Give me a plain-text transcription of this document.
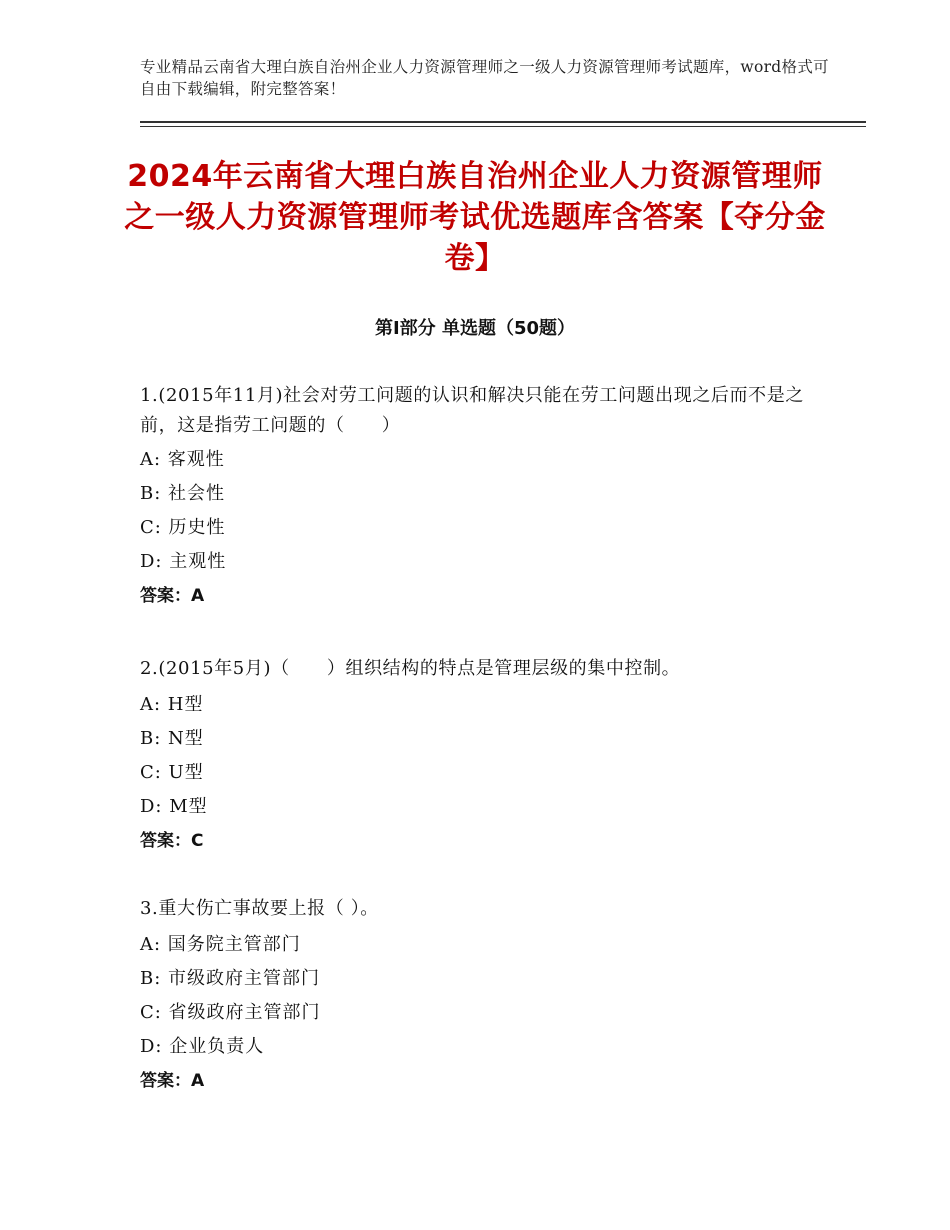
专业精品云南省大理白族自治州企业人力资源管理师之一级人力资源管理师考试题库，word格式可自由下载编辑，附完整答案！
2024年云南省大理白族自治州企业人力资源管理师之一级人力资源管理师考试优选题库含答案【夺分金卷】
第Ⅰ部分 单选题（50题）

1.(2015年11月)社会对劳工问题的认识和解决只能在劳工问题出现之后而不是之前，这是指劳工问题的（　　）

A: 客观性

B: 社会性

C: 历史性

D: 主观性

答案：A

2.(2015年5月)（　　）组织结构的特点是管理层级的集中控制。

A: H型

B: N型

C: U型

D: M型

答案：C

3.重大伤亡事故要上报（ ）。

A: 国务院主管部门

B: 市级政府主管部门

C: 省级政府主管部门

D: 企业负责人

答案：A
